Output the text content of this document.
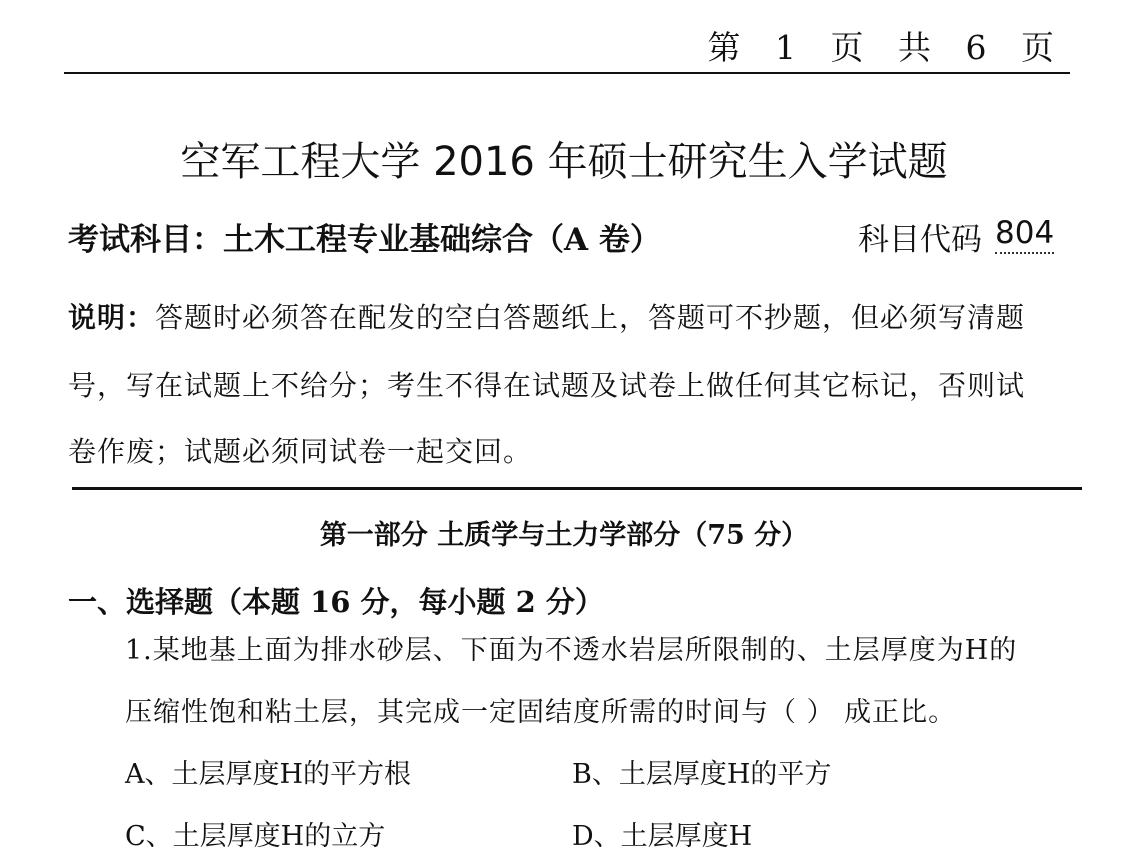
第 1 页 共 6 页
空军工程大学 2016 年硕士研究生入学试题
考试科目：土木工程专业基础综合（A 卷）	科目代码 804
说明：答题时必须答在配发的空白答题纸上，答题可不抄题，但必须写清题
号，写在试题上不给分；考生不得在试题及试卷上做任何其它标记，否则试
卷作废；试题必须同试卷一起交回。
第一部分 土质学与土力学部分（75 分）
一、选择题（本题 16 分，每小题 2 分）
1.某地基上面为排水砂层、下面为不透水岩层所限制的、土层厚度为H的
压缩性饱和粘土层，其完成一定固结度所需的时间与（ ） 成正比。
A、土层厚度H的平方根	B、土层厚度H的平方
C、土层厚度H的立方	D、土层厚度H
